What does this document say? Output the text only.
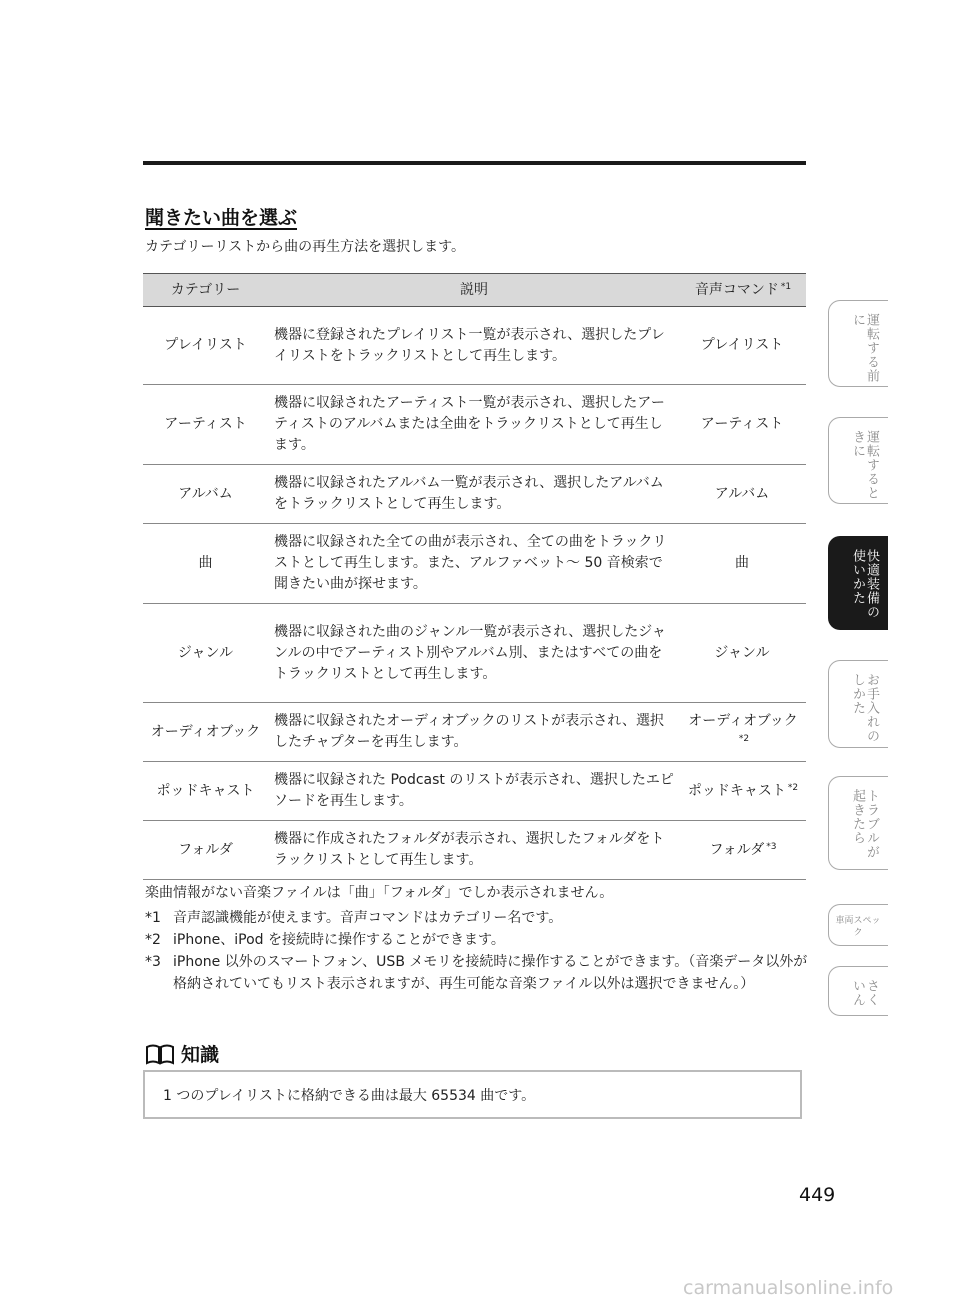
聞きたい曲を選ぶ

カテゴリーリストから曲の再生方法を選択します。

カテゴリー	説明	音声コマンド $^{*1}$
プレイリスト	機器に登録されたプレイリスト一覧が表示され、選択したプレイリストをトラックリストとして再生します。	プレイリスト
アーティスト	機器に収録されたアーティスト一覧が表示され、選択したアーティストのアルバムまたは全曲をトラックリストとして再生します。	アーティスト
アルバム	機器に収録されたアルバム一覧が表示され、選択したアルバムをトラックリストとして再生します。	アルバム
曲	機器に収録された全ての曲が表示され、全ての曲をトラックリストとして再生します。また、アルファベット〜 50 音検索で聞きたい曲が探せます。	曲
ジャンル	機器に収録された曲のジャンル一覧が表示され、選択したジャンルの中でアーティスト別やアルバム別、またはすべての曲をトラックリストとして再生します。	ジャンル
オーディオブック	機器に収録されたオーディオブックのリストが表示され、選択したチャプターを再生します。	オーディオブック$^{*2}$
ポッドキャスト	機器に収録された Podcast のリストが表示され、選択したエピソードを再生します。	ポッドキャスト $^{*2}$
フォルダ	機器に作成されたフォルダが表示され、選択したフォルダをトラックリストとして再生します。	フォルダ $^{*3}$

楽曲情報がない音楽ファイルは「曲」「フォルダ」でしか表示されません。

*1 音声認識機能が使えます。音声コマンドはカテゴリー名です。
*2 iPhone、iPod を接続時に操作することができます。
*3 iPhone 以外のスマートフォン、USB メモリを接続時に操作することができます。（音楽データ以外が格納されていてもリスト表示されますが、再生可能な音楽ファイル以外は選択できません。）
知識
1 つのプレイリストに格納できる曲は最大 65534 曲です。
運転する前に
運転するときに
快適装備の使いかた
お手入れのしかた
トラブルが起きたら
車両スペック
さくいん
449
carmanualsonline.info
